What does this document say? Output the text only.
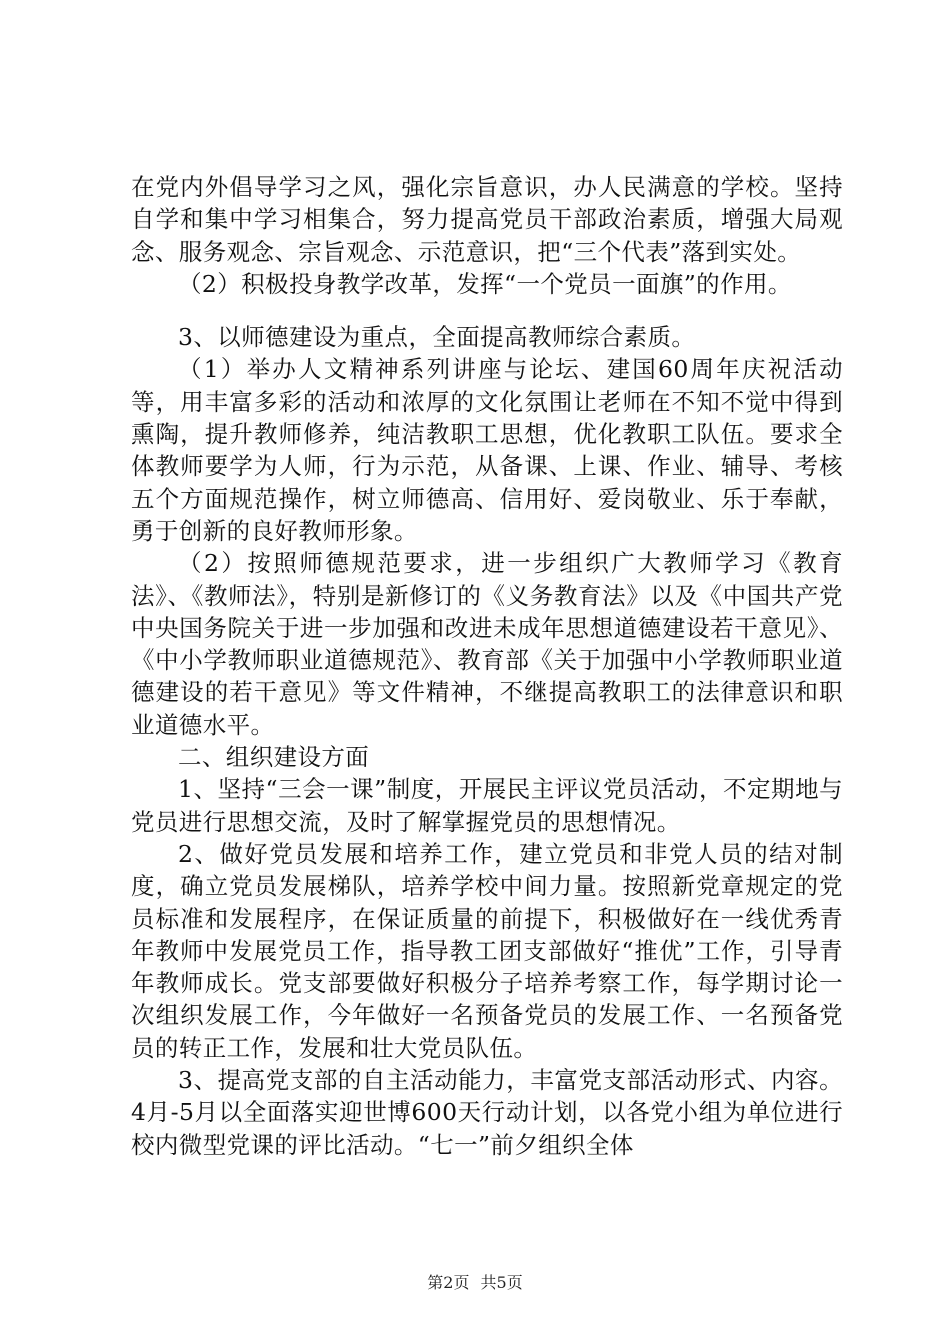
在党内外倡导学习之风，强化宗旨意识，办人民满意的学校。坚持自学和集中学习相集合，努力提高党员干部政治素质，增强大局观念、服务观念、宗旨观念、示范意识，把“三个代表”落到实处。

（2）积极投身教学改革，发挥“一个党员一面旗”的作用。

3、以师德建设为重点，全面提高教师综合素质。

（1）举办人文精神系列讲座与论坛、建国60周年庆祝活动等，用丰富多彩的活动和浓厚的文化氛围让老师在不知不觉中得到熏陶，提升教师修养，纯洁教职工思想，优化教职工队伍。要求全体教师要学为人师，行为示范，从备课、上课、作业、辅导、考核五个方面规范操作，树立师德高、信用好、爱岗敬业、乐于奉献，勇于创新的良好教师形象。

（2）按照师德规范要求，进一步组织广大教师学习《教育法》、《教师法》，特别是新修订的《义务教育法》以及《中国共产党中央国务院关于进一步加强和改进未成年思想道德建设若干意见》、《中小学教师职业道德规范》、教育部《关于加强中小学教师职业道德建设的若干意见》等文件精神，不继提高教职工的法律意识和职业道德水平。

二、组织建设方面

1、坚持“三会一课”制度，开展民主评议党员活动，不定期地与党员进行思想交流，及时了解掌握党员的思想情况。

2、做好党员发展和培养工作，建立党员和非党人员的结对制度，确立党员发展梯队，培养学校中间力量。按照新党章规定的党员标准和发展程序，在保证质量的前提下，积极做好在一线优秀青年教师中发展党员工作，指导教工团支部做好“推优”工作，引导青年教师成长。党支部要做好积极分子培养考察工作，每学期讨论一次组织发展工作，今年做好一名预备党员的发展工作、一名预备党员的转正工作，发展和壮大党员队伍。

3、提高党支部的自主活动能力，丰富党支部活动形式、内容。4月-5月以全面落实迎世博600天行动计划，以各党小组为单位进行校内微型党课的评比活动。“七一”前夕组织全体

第2页 共5页
